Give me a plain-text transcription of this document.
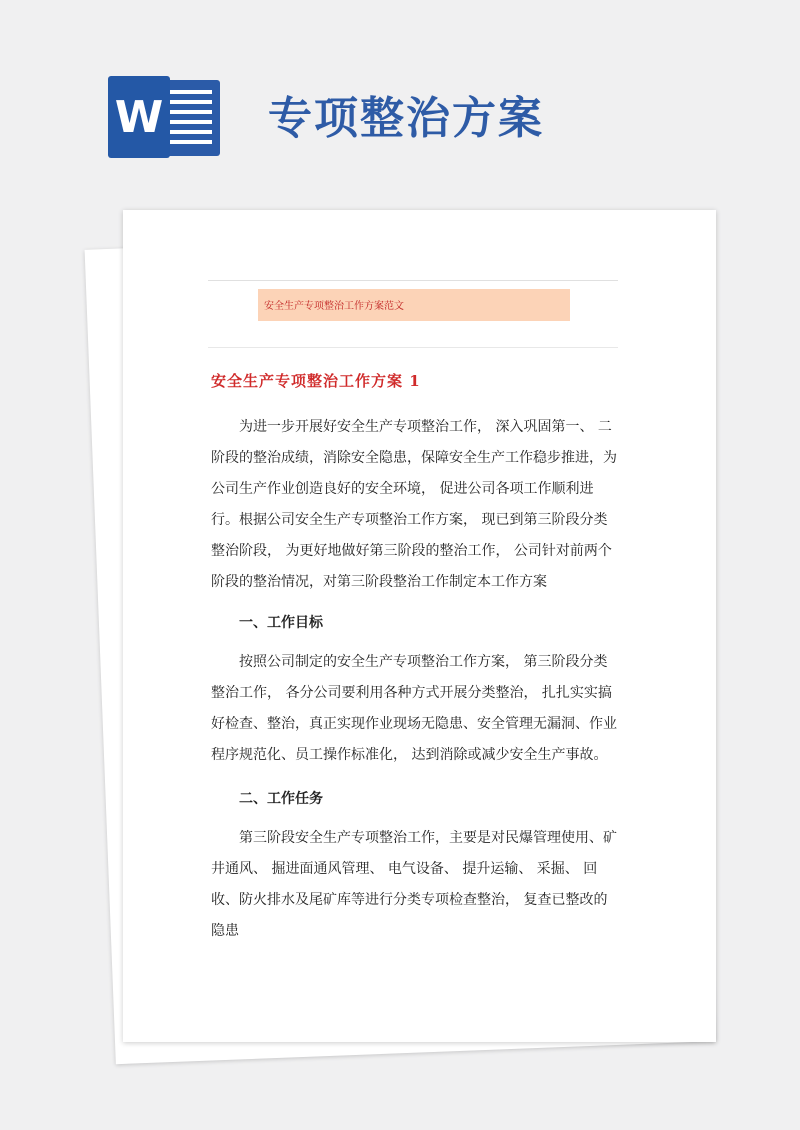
W 专项整治方案
安全生产专项整治工作方案范文
安全生产专项整治工作方案 1

为进一步开展好安全生产专项整治工作， 深入巩固第一、 二阶段的整治成绩，消除安全隐患，保障安全生产工作稳步推进，为公司生产作业创造良好的安全环境， 促进公司各项工作顺利进行。根据公司安全生产专项整治工作方案， 现已到第三阶段分类整治阶段， 为更好地做好第三阶段的整治工作， 公司针对前两个阶段的整治情况，对第三阶段整治工作制定本工作方案

一、工作目标

按照公司制定的安全生产专项整治工作方案， 第三阶段分类整治工作， 各分公司要利用各种方式开展分类整治， 扎扎实实搞好检查、整治，真正实现作业现场无隐患、安全管理无漏洞、作业程序规范化、员工操作标准化， 达到消除或减少安全生产事故。

二、工作任务

第三阶段安全生产专项整治工作，主要是对民爆管理使用、矿井通风、 掘进面通风管理、 电气设备、 提升运输、 采掘、 回收、防火排水及尾矿库等进行分类专项检查整治， 复查已整改的隐患
